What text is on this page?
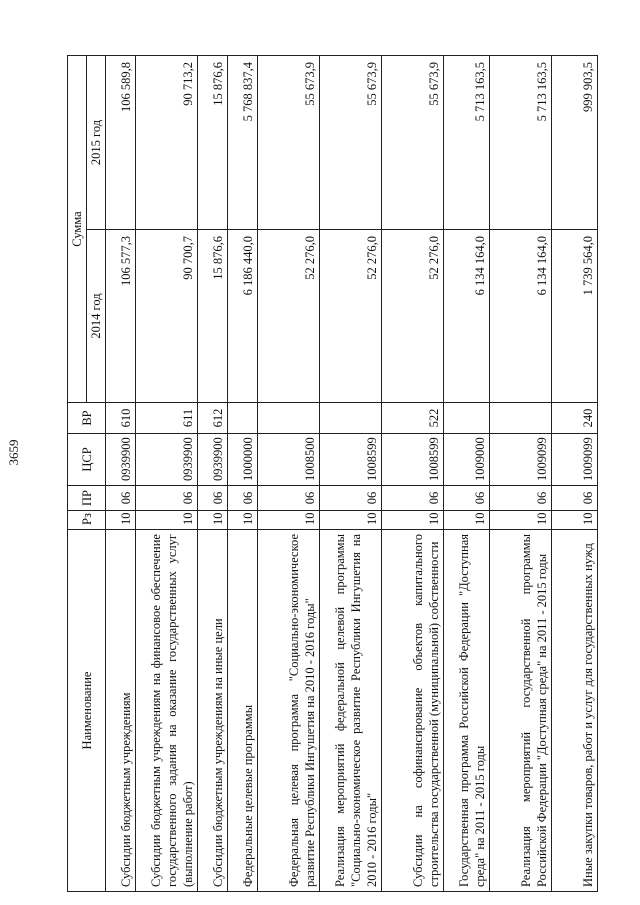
3659
Наименование	Рз	ПР	ЦСР	ВР	Сумма	
					2014 год	2015 год
Субсидии бюджетным учреждениям	10	06	0939900	610	106 577,3	106 589,8
Субсидии бюджетным учреждениям на финансовое обеспечение государственного задания на оказание государственных услуг (выполнение работ)	10	06	0939900	611	90 700,7	90 713,2
Субсидии бюджетным учреждениям на иные цели	10	06	0939900	612	15 876,6	15 876,6
Федеральные целевые программы	10	06	1000000		6 186 440,0	5 768 837,4
Федеральная целевая программа "Социально-экономическое развитие Республики Ингушетия на 2010 - 2016 годы"	10	06	1008500		52 276,0	55 673,9
Реализация мероприятий федеральной целевой программы "Социально-экономическое развитие Республики Ингушетия на 2010 - 2016 годы"	10	06	1008599		52 276,0	55 673,9
Субсидии на софинансирование объектов капитального строительства государственной (муниципальной) собственности	10	06	1008599	522	52 276,0	55 673,9
Государственная программа Российской Федерации "Доступная среда" на 2011 - 2015 годы	10	06	1009000		6 134 164,0	5 713 163,5
Реализация мероприятий государственной программы Российской Федерации "Доступная среда" на 2011 - 2015 годы	10	06	1009099		6 134 164,0	5 713 163,5
Иные закупки товаров, работ и услуг для государственных нужд	10	06	1009099	240	1 739 564,0	999 903,5
